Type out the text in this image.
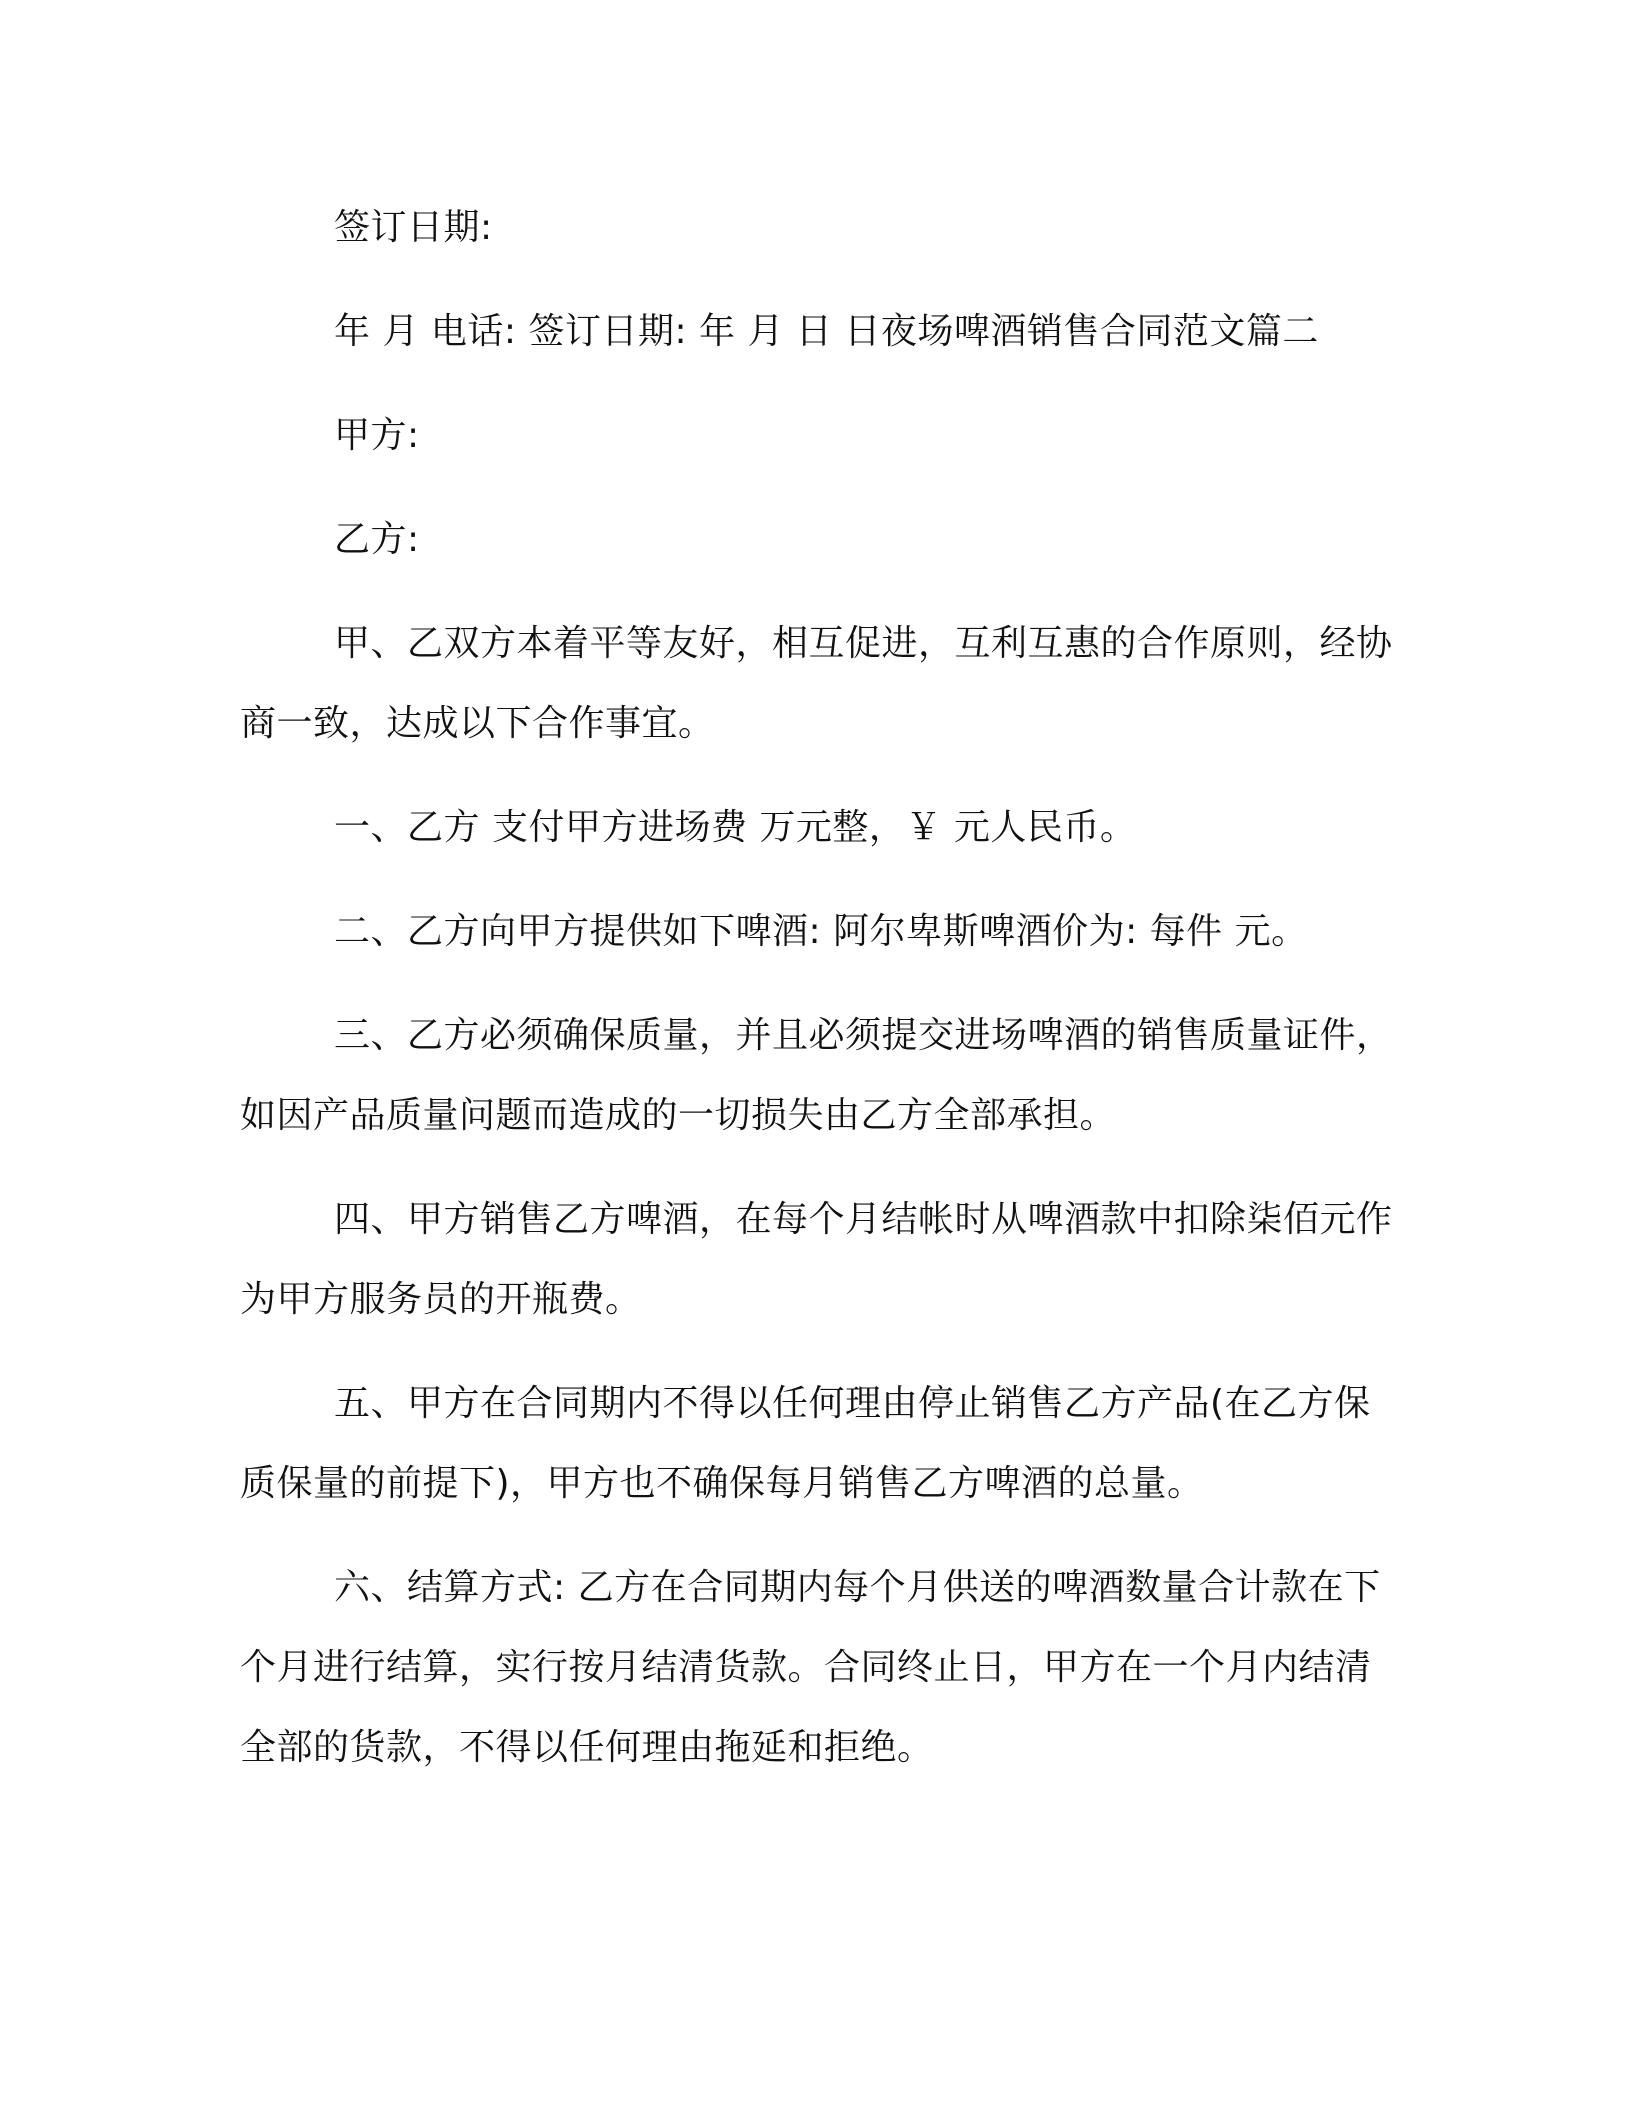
签订日期:

年 月 电话: 签订日期: 年 月 日 日夜场啤酒销售合同范文篇二

甲方:

乙方:

甲、乙双方本着平等友好，相互促进，互利互惠的合作原则，经协商一致，达成以下合作事宜。

一、乙方 支付甲方进场费 万元整，￥ 元人民币。

二、乙方向甲方提供如下啤酒: 阿尔卑斯啤酒价为: 每件 元。

三、乙方必须确保质量，并且必须提交进场啤酒的销售质量证件，如因产品质量问题而造成的一切损失由乙方全部承担。

四、甲方销售乙方啤酒，在每个月结帐时从啤酒款中扣除柒佰元作为甲方服务员的开瓶费。

五、甲方在合同期内不得以任何理由停止销售乙方产品(在乙方保质保量的前提下)，甲方也不确保每月销售乙方啤酒的总量。

六、结算方式: 乙方在合同期内每个月供送的啤酒数量合计款在下个月进行结算，实行按月结清货款。合同终止日，甲方在一个月内结清全部的货款，不得以任何理由拖延和拒绝。
